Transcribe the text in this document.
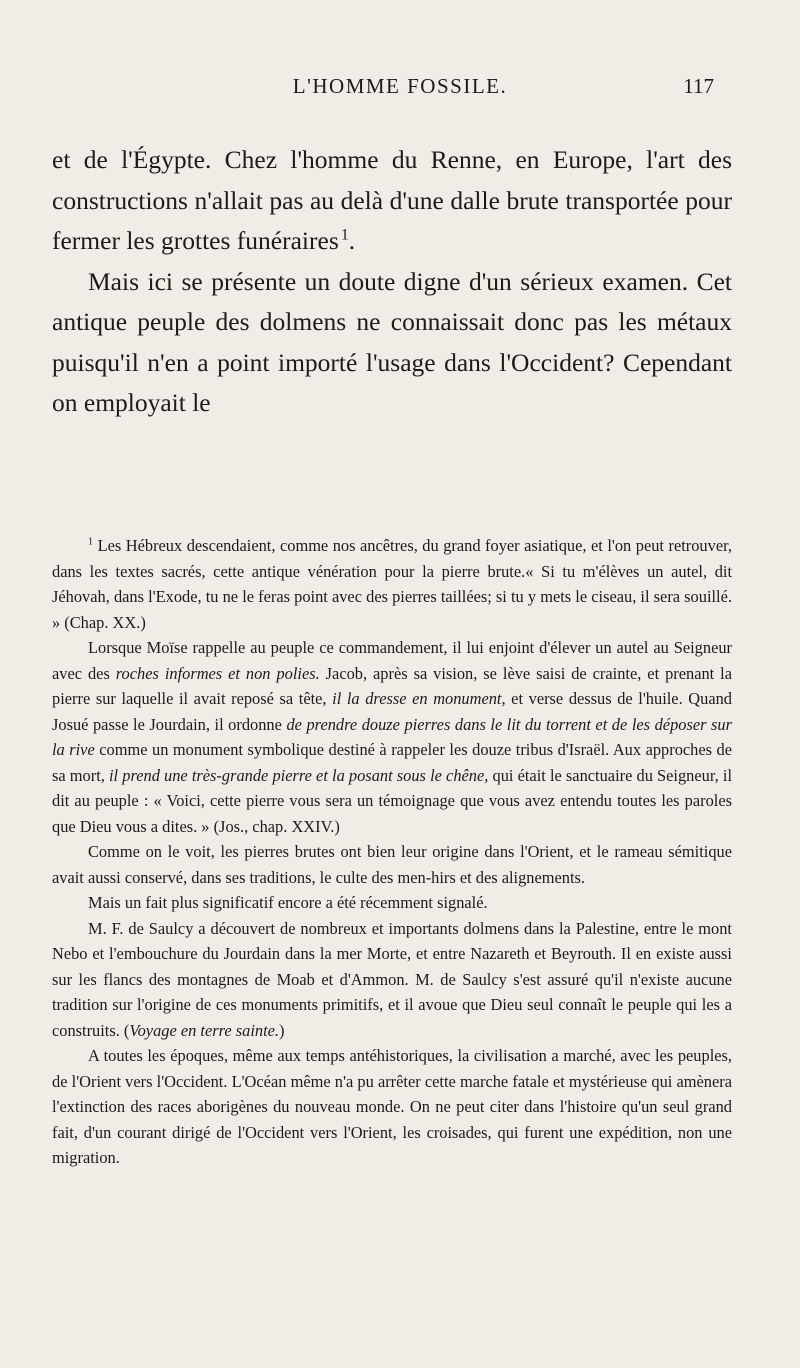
L'HOMME FOSSILE.	117

et de l'Égypte. Chez l'homme du Renne, en Europe, l'art des constructions n'allait pas au delà d'une dalle brute transportée pour fermer les grottes funéraires  $^1$.

Mais ici se présente un doute digne d'un sérieux examen. Cet antique peuple des dolmens ne connaissait donc pas les métaux puisqu'il n'en a point importé l'usage dans l'Occident? Cependant on employait le

$^1$ Les Hébreux descendaient, comme nos ancêtres, du grand foyer asiatique, et l'on peut retrouver, dans les textes sacrés, cette antique vénération pour la pierre brute.« Si tu m'élèves un autel, dit Jéhovah, dans l'Exode, tu ne le feras point avec des pierres taillées; si tu y mets le ciseau, il sera souillé. » (Chap. XX.)

Lorsque Moïse rappelle au peuple ce commandement, il lui enjoint d'élever un autel au Seigneur avec des roches informes et non polies. Jacob, après sa vision, se lève saisi de crainte, et prenant la pierre sur laquelle il avait reposé sa tête, il la dresse en monument, et verse dessus de l'huile. Quand Josué passe le Jourdain, il ordonne de prendre douze pierres dans le lit du torrent et de les déposer sur la rive comme un monument symbolique destiné à rappeler les douze tribus d'Israël. Aux approches de sa mort, il prend une très-grande pierre et la posant sous le chêne, qui était le sanctuaire du Seigneur, il dit au peuple : « Voici, cette pierre vous sera un témoignage que vous avez entendu toutes les paroles que Dieu vous a dites. » (Jos., chap. XXIV.)

Comme on le voit, les pierres brutes ont bien leur origine dans l'Orient, et le rameau sémitique avait aussi conservé, dans ses traditions, le culte des men-hirs et des alignements.

Mais un fait plus significatif encore a été récemment signalé.

M. F. de Saulcy a découvert de nombreux et importants dolmens dans la Palestine, entre le mont Nebo et l'embouchure du Jourdain dans la mer Morte, et entre Nazareth et Beyrouth. Il en existe aussi sur les flancs des montagnes de Moab et d'Ammon. M. de Saulcy s'est assuré qu'il n'existe aucune tradition sur l'origine de ces monuments primitifs, et il avoue que Dieu seul connaît le peuple qui les a construits. (Voyage en terre sainte.)

A toutes les époques, même aux temps antéhistoriques, la civilisation a marché, avec les peuples, de l'Orient vers l'Occident. L'Océan même n'a pu arrêter cette marche fatale et mystérieuse qui amènera l'extinction des races aborigènes du nouveau monde. On ne peut citer dans l'histoire qu'un seul grand fait, d'un courant dirigé de l'Occident vers l'Orient, les croisades, qui furent une expédition, non une migration.
